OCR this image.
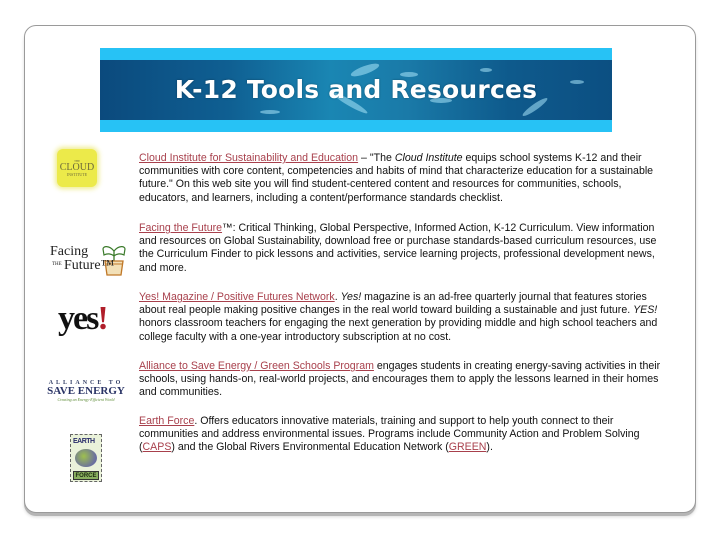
K-12 Tools and Resources
THE
CLOUD
INSTITUTE
Cloud Institute for Sustainability and Education – "The Cloud Institute equips school systems K-12 and their communities with core content, competencies and habits of mind that characterize education for a sustainable future." On this web site you will find student-centered content and resources for communities, schools, educators, and learners, including a content/performance standards checklist.
Facing
THE Future™
Facing the Future™: Critical Thinking, Global Perspective, Informed Action, K-12 Curriculum. View information and resources on Global Sustainability, download free or purchase standards-based curriculum resources, use the Curriculum Finder to pick lessons and activities, service learning projects, professional development news, and more.
yes!
Yes! Magazine / Positive Futures Network. Yes! magazine is an ad-free quarterly journal that features stories about real people making positive changes in the real world toward building a sustainable and just future. YES! honors classroom teachers for engaging the next generation by providing middle and high school teachers and college faculty with a one-year introductory subscription at no cost.
ALLIANCE TO
SAVE ENERGY
Creating an Energy-Efficient World
Alliance to Save Energy / Green Schools Program engages students in creating energy-saving activities in their schools, using hands-on, real-world projects, and encourages them to apply the lessons learned in their homes and communities.
EARTH
FORCE
Earth Force. Offers educators innovative materials, training and support to help youth connect to their communities and address environmental issues. Programs include Community Action and Problem Solving (CAPS) and the Global Rivers Environmental Education Network (GREEN).
